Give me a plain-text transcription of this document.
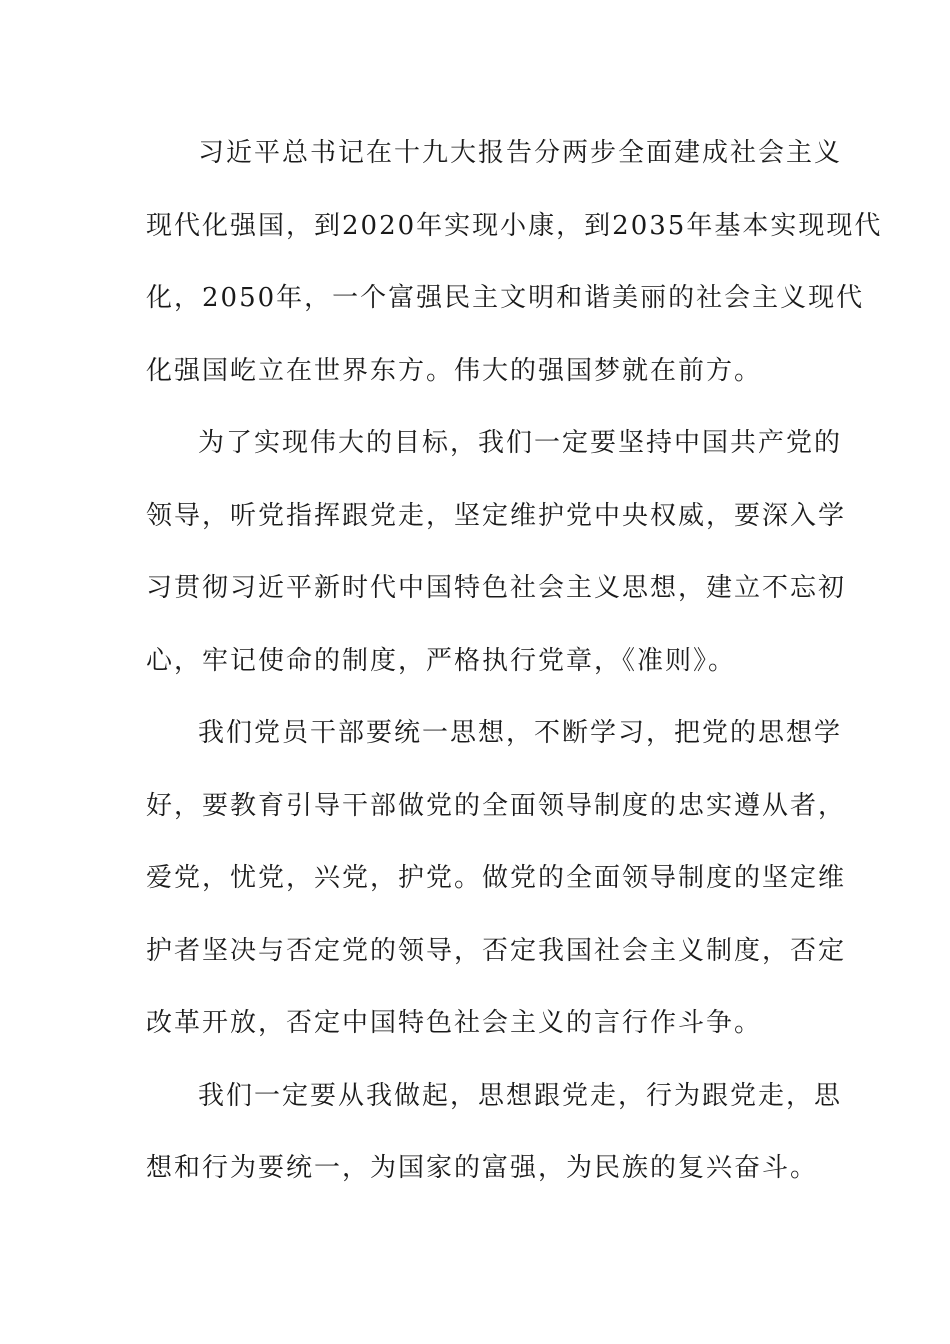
习近平总书记在十九大报告分两步全面建成社会主义
现代化强国，到2020年实现小康，到2035年基本实现现代
化，2050年，一个富强民主文明和谐美丽的社会主义现代
化强国屹立在世界东方。伟大的强国梦就在前方。
为了实现伟大的目标，我们一定要坚持中国共产党的
领导，听党指挥跟党走，坚定维护党中央权威，要深入学
习贯彻习近平新时代中国特色社会主义思想，建立不忘初
心，牢记使命的制度，严格执行党章，《准则》。
我们党员干部要统一思想，不断学习，把党的思想学
好，要教育引导干部做党的全面领导制度的忠实遵从者，
爱党，忧党，兴党，护党。做党的全面领导制度的坚定维
护者坚决与否定党的领导，否定我国社会主义制度，否定
改革开放，否定中国特色社会主义的言行作斗争。
我们一定要从我做起，思想跟党走，行为跟党走，思
想和行为要统一，为国家的富强，为民族的复兴奋斗。
